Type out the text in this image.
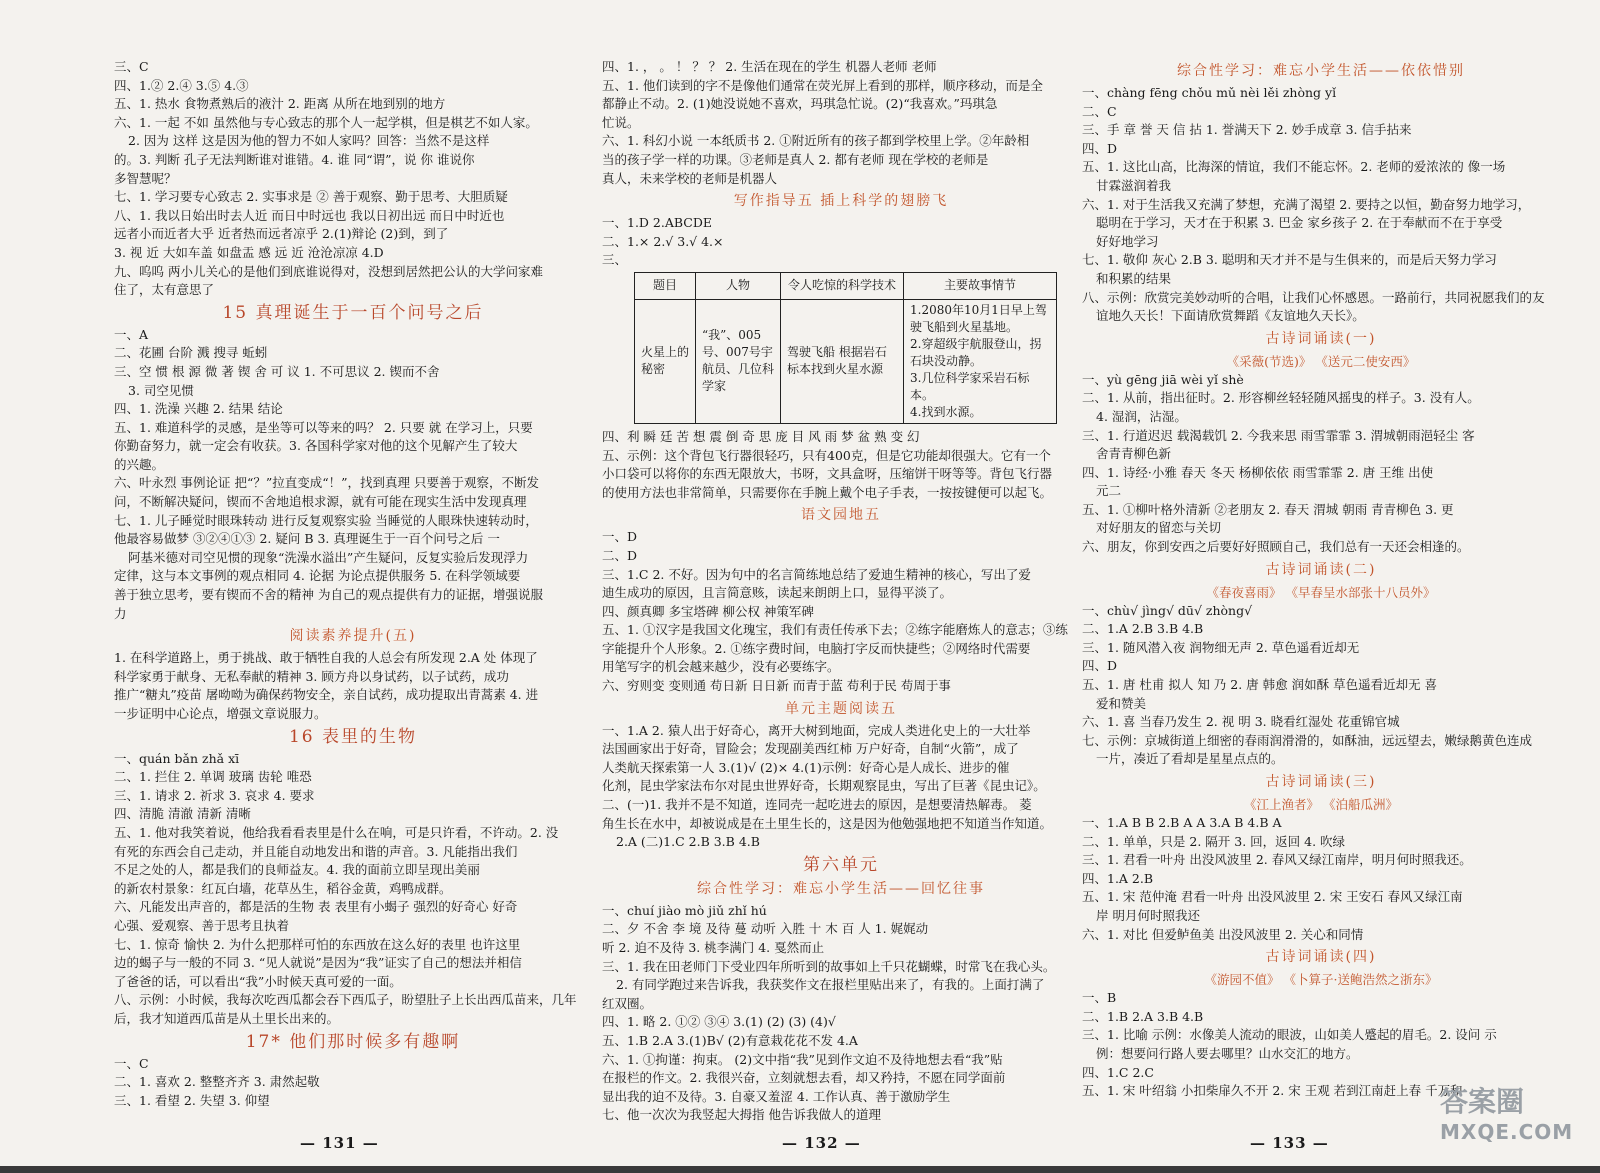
三、C
四、1.② 2.④ 3.⑤ 4.③
五、1. 热水 食物煮熟后的液汁 2. 距离 从所在地到别的地方
六、1. 一起 不如 虽然他与专心致志的那个人一起学棋，但是棋艺不如人家。
2. 因为 这样 这是因为他的智力不如人家吗？回答：当然不是这样
的。3. 判断 孔子无法判断谁对谁错。4. 谁 同“谓”，说 你 谁说你
多智慧呢？
七、1. 学习要专心致志 2. 实事求是 ② 善于观察、勤于思考、大胆质疑
八、1. 我以日始出时去人近 而日中时远也 我以日初出远 而日中时近也
远者小而近者大乎 近者热而远者凉乎 2.(1)辩论 (2)到，到了
3. 视 近 大如车盖 如盘盂 感 远 近 沧沧凉凉 4.D
九、呜呜 两小儿关心的是他们到底谁说得对，没想到居然把公认的大学问家难
住了，太有意思了
15 真理诞生于一百个问号之后
一、A
二、花圃 台阶 溅 搜寻 蚯蚓
三、空 惯 根 源 微 著 锲 舍 可 议 1. 不可思议 2. 锲而不舍
3. 司空见惯
四、1. 洗澡 兴趣 2. 结果 结论
五、1. 难道科学的灵感，是坐等可以等来的吗？ 2. 只要 就 在学习上，只要
你勤奋努力，就一定会有收获。3. 各国科学家对他的这个见解产生了较大
的兴趣。
六、叶永烈 事例论证 把“？”拉直变成“！”，找到真理 只要善于观察，不断发
问，不断解决疑问，锲而不舍地追根求源，就有可能在现实生活中发现真理
七、1. 儿子睡觉时眼珠转动 进行反复观察实验 当睡觉的人眼珠快速转动时，
他最容易做梦 ③②④①③ 2. 疑问 B 3. 真理诞生于一百个问号之后 一
阿基米德对司空见惯的现象“洗澡水溢出”产生疑问，反复实验后发现浮力
定律，这与本文事例的观点相同 4. 论据 为论点提供服务 5. 在科学领域要
善于独立思考，要有锲而不舍的精神 为自己的观点提供有力的证据，增强说服
力
阅读素养提升(五)
1. 在科学道路上，勇于挑战、敢于牺牲自我的人总会有所发现 2.A 处 体现了
科学家勇于献身、无私奉献的精神 3. 顾方舟以身试药，以子试药，成功
推广“糖丸”疫苗 屠呦呦为确保药物安全，亲自试药，成功提取出青蒿素 4. 进
一步证明中心论点，增强文章说服力。
16 表里的生物
一、quán bǎn zhǎ xī
二、1. 拦住 2. 单调 玻璃 齿轮 唯恐
三、1. 请求 2. 祈求 3. 哀求 4. 要求
四、清脆 清澈 清新 清晰
五、1. 他对我笑着说，他给我看看表里是什么在响，可是只许看，不许动。2. 没
有死的东西会自己走动，并且能自动地发出和谐的声音。3. 凡能指出我们
不足之处的人，都是我们的良师益友。4. 我的面前立即呈现出美丽
的新农村景象：红瓦白墙，花草丛生，稻谷金黄，鸡鸭成群。
六、凡能发出声音的，都是活的生物 表 表里有小蝎子 强烈的好奇心 好奇
心强、爱观察、善于思考且执着
七、1. 惊奇 愉快 2. 为什么把那样可怕的东西放在这么好的表里 也许这里
边的蝎子与一般的不同 3. “见人就说”是因为“我”证实了自己的想法并相信
了爸爸的话，可以看出“我”小时候天真可爱的一面。
八、示例：小时候，我每次吃西瓜都会吞下西瓜子，盼望肚子上长出西瓜苗来，几年
后，我才知道西瓜苗是从土里长出来的。
17* 他们那时候多有趣啊
一、C
二、1. 喜欢 2. 整整齐齐 3. 肃然起敬
三、1. 看望 2. 失望 3. 仰望
四、1. ， 。 ！ ？ ？ 2. 生活在现在的学生 机器人老师 老师
五、1. 他们读到的字不是像他们通常在荧光屏上看到的那样，顺序移动，而是全
都静止不动。2. (1)她没说她不喜欢，玛琪急忙说。(2)“我喜欢。”玛琪急
忙说。
六、1. 科幻小说 一本纸质书 2. ①附近所有的孩子都到学校里上学。②年龄相
当的孩子学一样的功课。③老师是真人 2. 都有老师 现在学校的老师是
真人，未来学校的老师是机器人
写作指导五 插上科学的翅膀飞
一、1.D 2.ABCDE
二、1.× 2.√ 3.√ 4.×
三、
题目	人物	令人吃惊的科学技术	主要故事情节
火星上的秘密	“我”、005号、007号宇航员、几位科学家	驾驶飞船 根据岩石标本找到火星水源	1.2080年10月1日早上驾驶飞船到火星基地。
2.穿超级宇航服登山，拐石块没动静。
3.几位科学家采岩石标本。
4.找到水源。
四、利 瞬 廷 苦 想 震 倒 奇 思 庞 目 风 雨 梦 盆 熟 变 幻
五、示例：这个背包飞行器很轻巧，只有400克，但是它功能却很强大。它有一个
小口袋可以将你的东西无限放大，书呀，文具盒呀，压缩饼干呀等等。背包飞行器
的使用方法也非常简单，只需要你在手腕上戴个电子手表，一按按键便可以起飞。
语文园地五
一、D
二、D
三、1.C 2. 不好。因为句中的名言简练地总结了爱迪生精神的核心，写出了爱
迪生成功的原因，且言简意赅，读起来朗朗上口，显得平淡了。
四、颜真卿 多宝塔碑 柳公权 神策军碑
五、1. ①汉字是我国文化瑰宝，我们有责任传承下去；②练字能磨炼人的意志；③练
字能提升个人形象。2. ①练字费时间，电脑打字反而快捷些；②网络时代需要
用笔写字的机会越来越少，没有必要练字。
六、穷则变 变则通 苟日新 日日新 而青于蓝 苟利于民 苟周于事
单元主题阅读五
一、1.A 2. 猿人出于好奇心，离开大树到地面，完成人类进化史上的一大壮举
法国画家出于好奇，冒险会；发现副美西红柿 万户好奇，自制“火箭”，成了
人类航天探索第一人 3.(1)√ (2)× 4.(1)示例：好奇心是人成长、进步的催
化剂，昆虫学家法布尔对昆虫世界好奇，长期观察昆虫，写出了巨著《昆虫记》。
二、(一)1. 我并不是不知道，连同壳一起吃进去的原因，是想要清热解毒。 菱
角生长在水中，却被说成是在土里生长的，这是因为他勉强地把不知道当作知道。
2.A (二)1.C 2.B 3.B 4.B
第六单元
综合性学习：难忘小学生活——回忆往事
一、chuí jiào mò jiǔ zhǐ hú
二、夕 不舍 李 境 及待 蔓 动听 入胜 十 木 百 人 1. 娓娓动
听 2. 迫不及待 3. 桃李满门 4. 戛然而止
三、1. 我在田老师门下受业四年所听到的故事如上千只花蝴蝶，时常飞在我心头。
2. 有同学跑过来告诉我，我获奖作文在报栏里贴出来了，有我的。上面打满了
红双圈。
四、1. 略 2. ①② ③④ 3.(1) (2) (3) (4)√
五、1.B 2.A 3.(1)B√ (2)有意栽花花不发 4.A
六、1. ①拘谨：拘束。 (2)文中指“我”见到作文迫不及待地想去看“我”贴
在报栏的作文。2. 我很兴奋，立刻就想去看，却又矜持，不愿在同学面前
显出我的迫不及待。3. 自豪又羞涩 4. 工作认真、善于激励学生
七、他一次次为我竖起大拇指 他告诉我做人的道理
综合性学习：难忘小学生活——依依惜别
一、chàng fēng chǒu mǔ nèi lěi zhòng yǐ
二、C
三、手 章 誉 天 信 拈 1. 誉满天下 2. 妙手成章 3. 信手拈来
四、D
五、1. 这比山高，比海深的情谊，我们不能忘怀。2. 老师的爱浓浓的 像一场
甘霖滋润着我
六、1. 对于生活我又充满了梦想，充满了渴望 2. 要持之以恒，勤奋努力地学习，
聪明在于学习，天才在于积累 3. 巴金 家乡孩子 2. 在于奉献而不在于享受
好好地学习
七、1. 敬仰 灰心 2.B 3. 聪明和天才并不是与生俱来的，而是后天努力学习
和积累的结果
八、示例：欣赏完美妙动听的合唱，让我们心怀感恩。一路前行，共同祝愿我们的友
谊地久天长！下面请欣赏舞蹈《友谊地久天长》。
古诗词诵读(一)
《采薇(节选)》 《送元二使安西》
一、yù gēng jiā wèi yǐ shè
二、1. 从前，指出征时。2. 形容柳丝轻轻随风摇曳的样子。3. 没有人。
4. 湿润，沾湿。
三、1. 行道迟迟 载渴载饥 2. 今我来思 雨雪霏霏 3. 渭城朝雨浥轻尘 客
舍青青柳色新
四、1. 诗经·小雅 春天 冬天 杨柳依依 雨雪霏霏 2. 唐 王维 出使
元二
五、1. ①柳叶格外清新 ②老朋友 2. 春天 渭城 朝雨 青青柳色 3. 更
对好朋友的留恋与关切
六、朋友，你到安西之后要好好照顾自己，我们总有一天还会相逢的。
古诗词诵读(二)
《春夜喜雨》 《早春呈水部张十八员外》
一、chù√ jìng√ dū√ zhòng√
二、1.A 2.B 3.B 4.B
三、1. 随风潜入夜 润物细无声 2. 草色遥看近却无
四、D
五、1. 唐 杜甫 拟人 知 乃 2. 唐 韩愈 润如酥 草色遥看近却无 喜
爱和赞美
六、1. 喜 当春乃发生 2. 视 明 3. 晓看红湿处 花重锦官城
七、示例：京城街道上细密的春雨润滑滑的，如酥油，远远望去，嫩绿鹅黄色连成
一片，凑近了看却是星星点点的。
古诗词诵读(三)
《江上渔者》 《泊船瓜洲》
一、1.A B B 2.B A A 3.A B 4.B A
二、1. 单单，只是 2. 隔开 3. 回，返回 4. 吹绿
三、1. 君看一叶舟 出没风波里 2. 春风又绿江南岸，明月何时照我还。
四、1.A 2.B
五、1. 宋 范仲淹 君看一叶舟 出没风波里 2. 宋 王安石 春风又绿江南
岸 明月何时照我还
六、1. 对比 但爱鲈鱼美 出没风波里 2. 关心和同情
古诗词诵读(四)
《游园不值》 《卜算子·送鲍浩然之浙东》
一、B
二、1.B 2.A 3.B 4.B
三、1. 比喻 示例：水像美人流动的眼波，山如美人蹙起的眉毛。2. 设问 示
例：想要问行路人要去哪里？山水交汇的地方。
四、1.C 2.C
五、1. 宋 叶绍翁 小扣柴扉久不开 2. 宋 王观 若到江南赶上春 千万和
— 131 —	— 132 —	— 133 —
答案圈
MXQE.COM
